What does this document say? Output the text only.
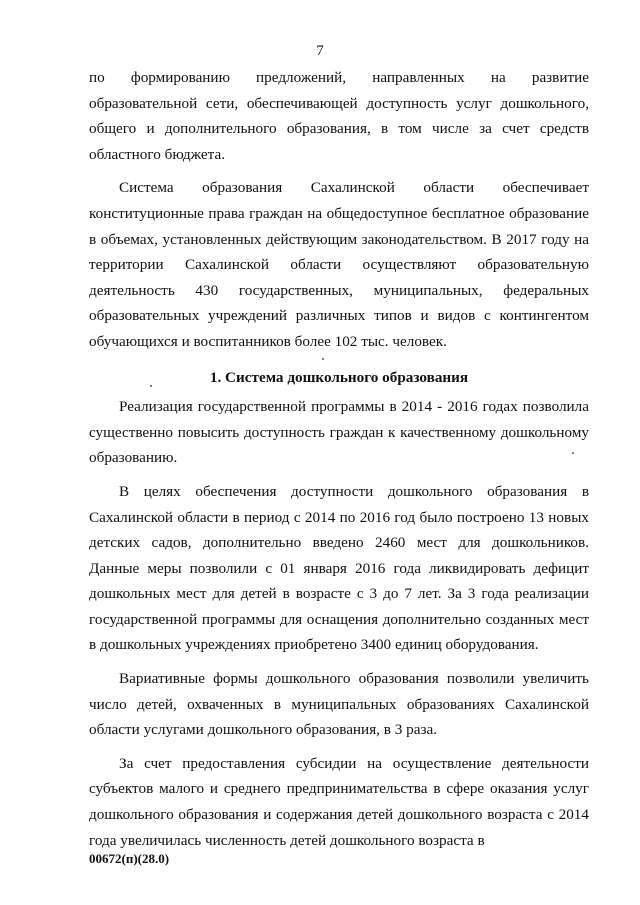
7

по формированию предложений, направленных на развитие образовательной сети, обеспечивающей доступность услуг дошкольного, общего и дополнительного образования, в том числе за счет средств областного бюджета.

Система образования Сахалинской области обеспечивает конституционные права граждан на общедоступное бесплатное образование в объемах, установленных действующим законодательством. В 2017 году на территории Сахалинской области осуществляют образовательную деятельность 430 государственных, муниципальных, федеральных образовательных учреждений различных типов и видов с контингентом обучающихся и воспитанников более 102 тыс. человек.

1. Система дошкольного образования

Реализация государственной программы в 2014 - 2016 годах позволила существенно повысить доступность граждан к качественному дошкольному образованию.

В целях обеспечения доступности дошкольного образования в Сахалинской области в период с 2014 по 2016 год было построено 13 новых детских садов, дополнительно введено 2460 мест для дошкольников. Данные меры позволили с 01 января 2016 года ликвидировать дефицит дошкольных мест для детей в возрасте с 3 до 7 лет. За 3 года реализации государственной программы для оснащения дополнительно созданных мест в дошкольных учреждениях приобретено 3400 единиц оборудования.

Вариативные формы дошкольного образования позволили увеличить число детей, охваченных в муниципальных образованиях Сахалинской области услугами дошкольного образования, в 3 раза.

За счет предоставления субсидии на осуществление деятельности субъектов малого и среднего предпринимательства в сфере оказания услуг дошкольного образования и содержания детей дошкольного возраста с 2014 года увеличилась численность детей дошкольного возраста в

00672(п)(28.0)
